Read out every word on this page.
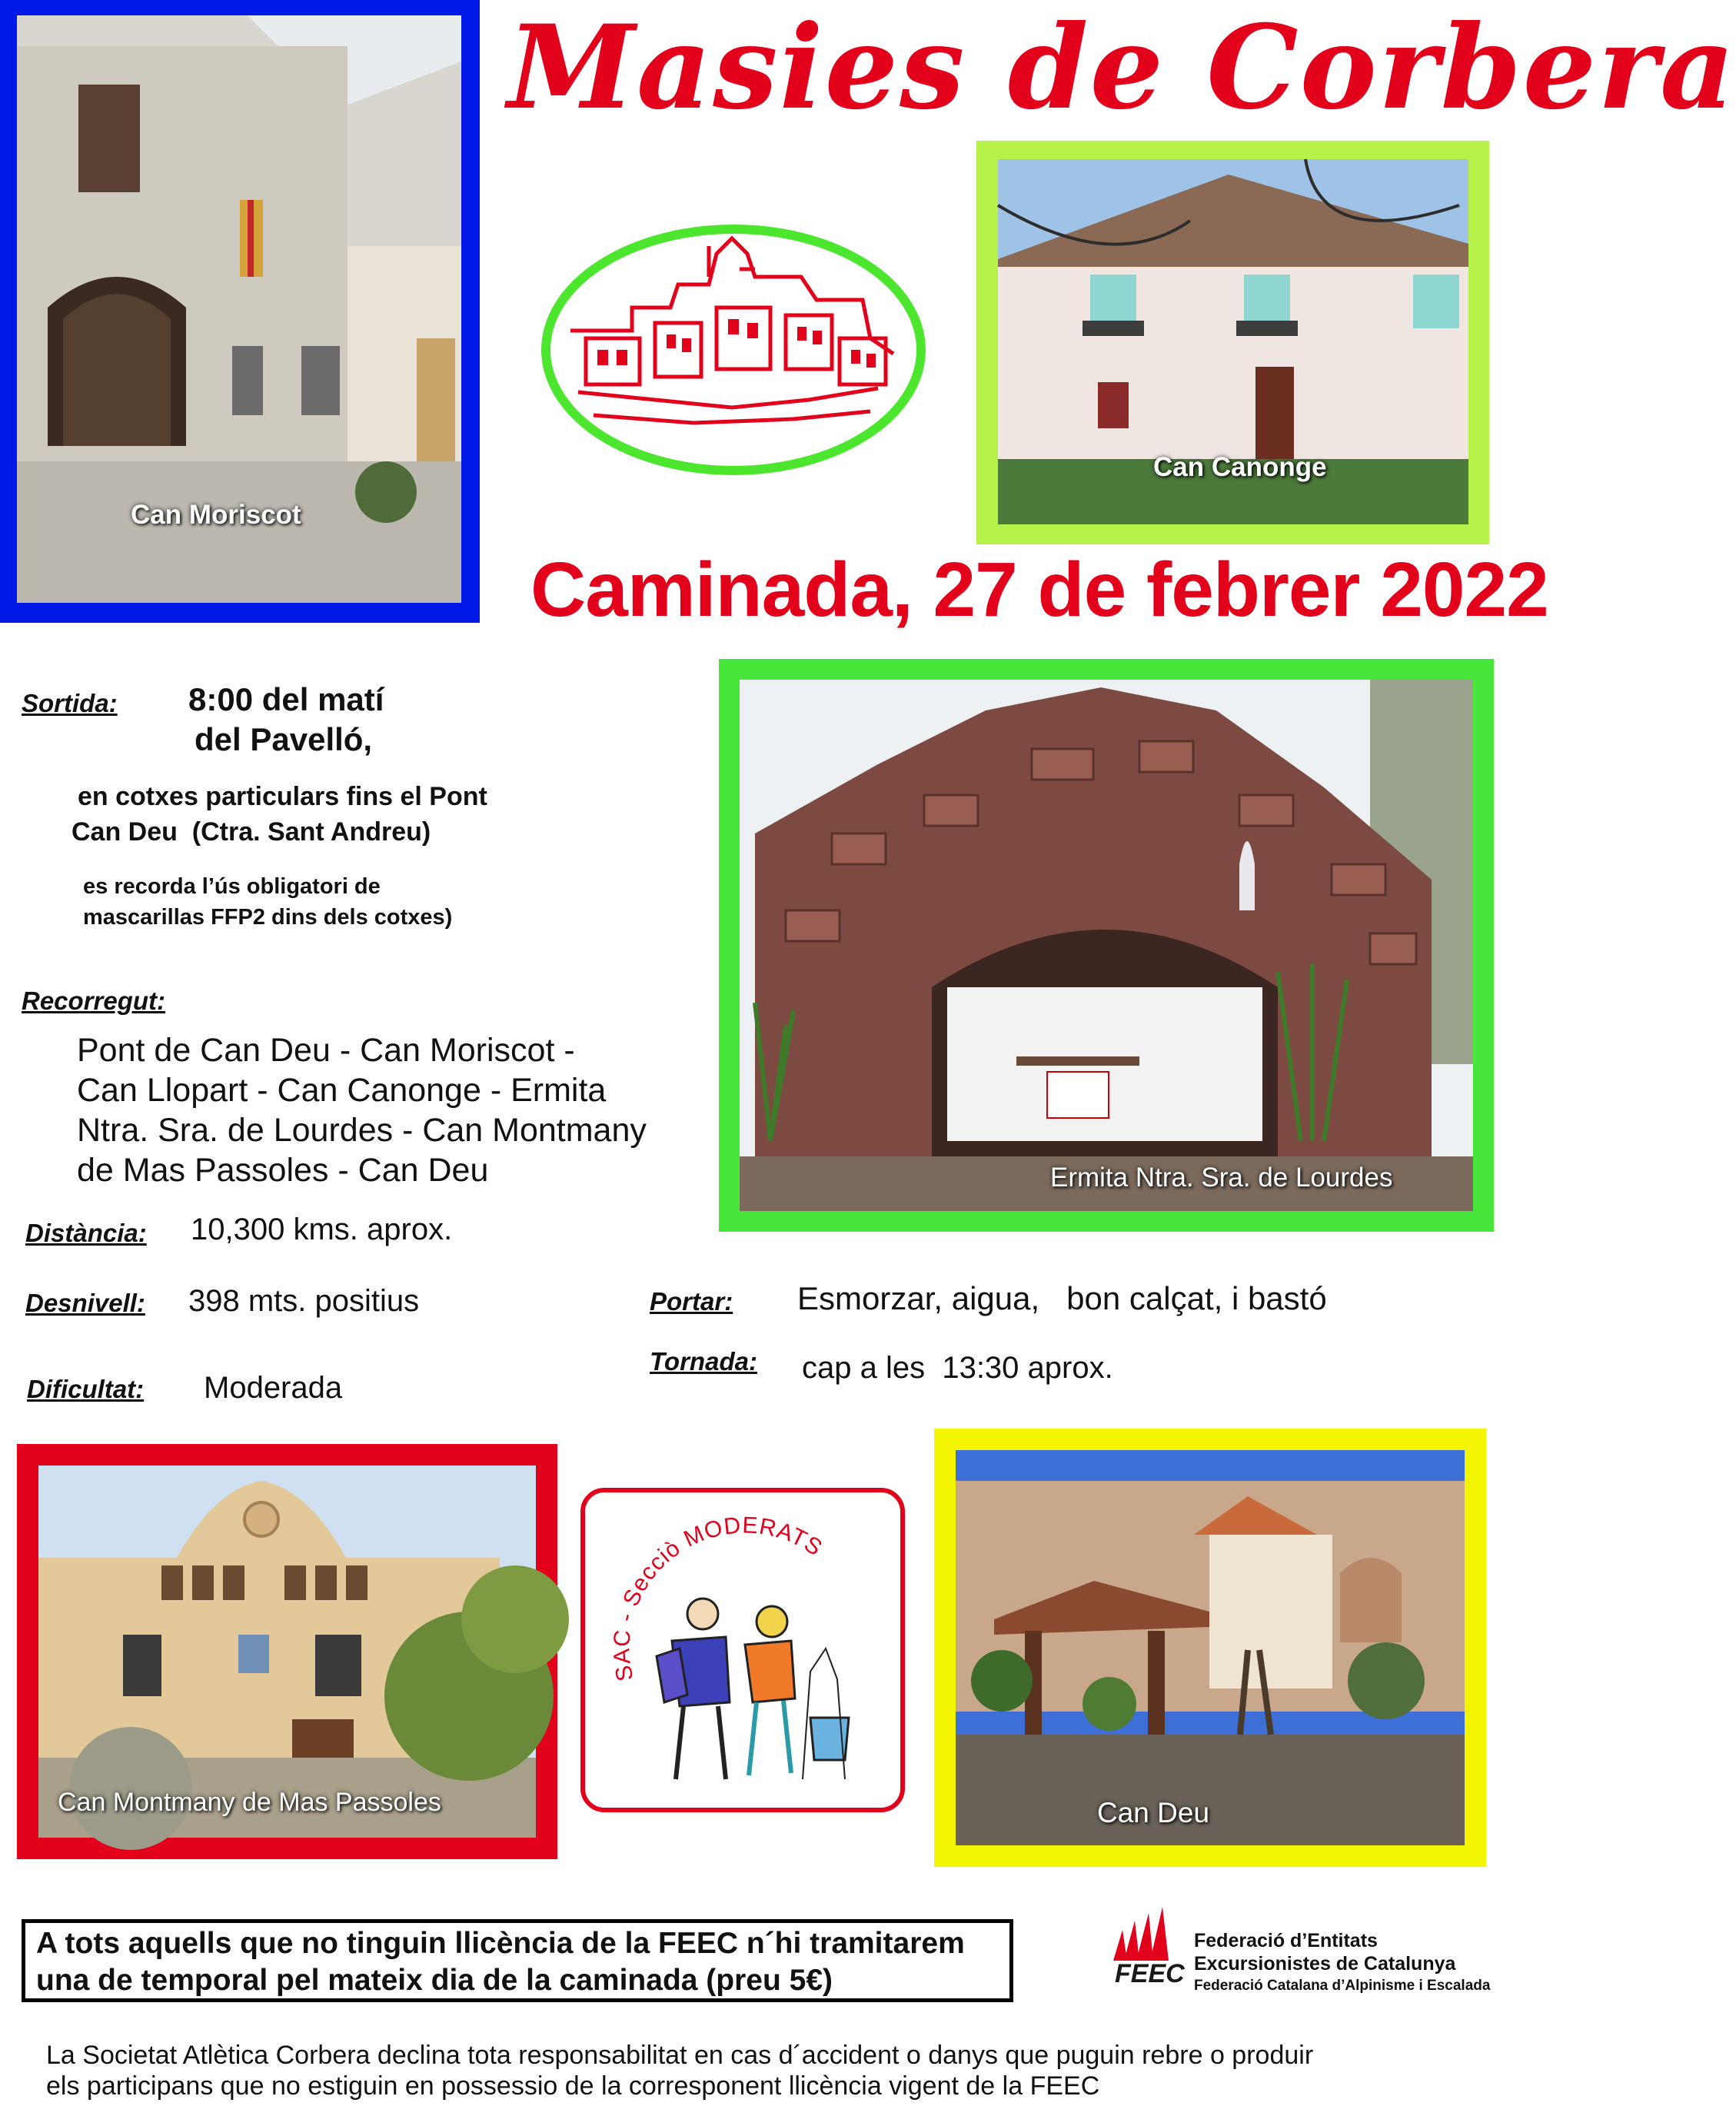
Masies de Corbera
Can Moriscot
Can Canonge
Caminada, 27 de febrer 2022
Ermita Ntra. Sra. de Lourdes
Sortida: 8:00 del matí
del Pavelló,
en cotxes particulars fins el Pont
Can Deu  (Ctra. Sant Andreu)
es recorda l’ús obligatori de
mascarillas FFP2 dins dels cotxes)
Recorregut:
Pont de Can Deu - Can Moriscot -
Can Llopart - Can Canonge - Ermita
Ntra. Sra. de Lourdes - Can Montmany
de Mas Passoles - Can Deu
Distància: 10,300 kms. aprox.
Desnivell: 398 mts. positius
Dificultat: Moderada
Portar: Esmorzar, aigua,   bon calçat, i bastó
Tornada: cap a les  13:30 aprox.
Can Montmany de Mas Passoles
SAC - Secciò MODERATS
Can Deu
A tots aquells que no tinguin llicència de la FEEC n´hi tramitarem
una de temporal pel mateix dia de la caminada (preu 5€)	FEEC
Federació d’Entitats
Excursionistes de Catalunya
Federació Catalana d’Alpinisme i Escalada
La Societat Atlètica Corbera declina tota responsabilitat en cas d´accident o danys que puguin rebre o produir
els participans que no estiguin en possessio de la corresponent llicència vigent de la FEEC
